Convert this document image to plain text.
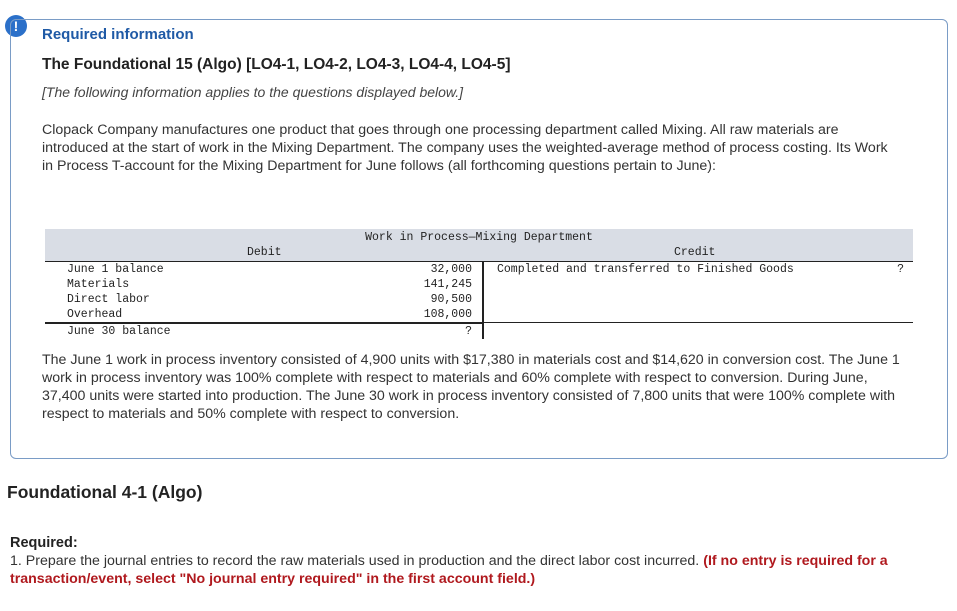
!	Required information
The Foundational 15 (Algo) [LO4-1, LO4-2, LO4-3, LO4-4, LO4-5]
[The following information applies to the questions displayed below.]
Clopack Company manufactures one product that goes through one processing department called Mixing. All raw materials are introduced at the start of work in the Mixing Department. The company uses the weighted-average method of process costing. Its Work in Process T-account for the Mixing Department for June follows (all forthcoming questions pertain to June):
Work in Process—Mixing Department
Debit	Credit
June 1 balance	32,000 Completed and transferred to Finished Goods	?
Materials	141,245
Direct labor	90,500
Overhead	108,000
June 30 balance	?
The June 1 work in process inventory consisted of 4,900 units with $17,380 in materials cost and $14,620 in conversion cost. The June 1 work in process inventory was 100% complete with respect to materials and 60% complete with respect to conversion. During June, 37,400 units were started into production. The June 30 work in process inventory consisted of 7,800 units that were 100% complete with respect to materials and 50% complete with respect to conversion.
Foundational 4-1 (Algo)
Required:
1. Prepare the journal entries to record the raw materials used in production and the direct labor cost incurred. (If no entry is required for a transaction/event, select "No journal entry required" in the first account field.)
